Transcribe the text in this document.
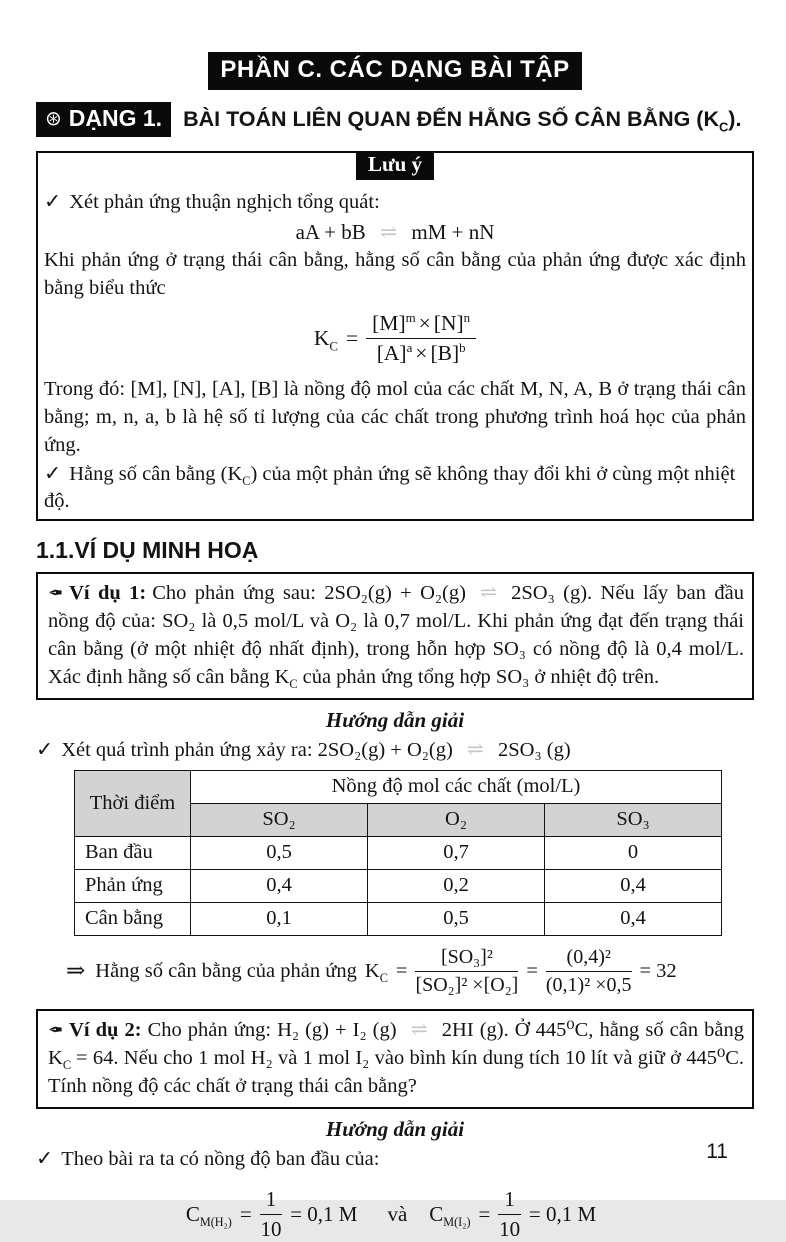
PHẦN C. CÁC DẠNG BÀI TẬP
⊛ DẠNG 1. BÀI TOÁN LIÊN QUAN ĐẾN HẰNG SỐ CÂN BẰNG $(K_C)$.
Lưu ý

✓ Xét phản ứng thuận nghịch tổng quát:

aA + bB ⇌ mM + nN

Khi phản ứng ở trạng thái cân bằng, hằng số cân bằng của phản ứng được xác định bằng biểu thức

$K_C = \frac{[M]^m \times [N]^n}{[A]^a \times [B]^b}$

Trong đó: [M], [N], [A], [B] là nồng độ mol của các chất M, N, A, B ở trạng thái cân bằng; m, n, a, b là hệ số tỉ lượng của các chất trong phương trình hoá học của phản ứng.

✓ Hằng số cân bằng $(K_C)$ của một phản ứng sẽ không thay đổi khi ở cùng một nhiệt độ.

1.1.VÍ DỤ MINH HOẠ
✒ Ví dụ 1: Cho phản ứng sau: 2SO₂(g) + O₂(g) ⇌ 2SO₃ (g). Nếu lấy ban đầu nồng độ của: SO₂ là 0,5 mol/L và O₂ là 0,7 mol/L. Khi phản ứng đạt đến trạng thái cân bằng (ở một nhiệt độ nhất định), trong hỗn hợp SO₃ có nồng độ là 0,4 mol/L. Xác định hằng số cân bằng $K_C$ của phản ứng tổng hợp SO₃ ở nhiệt độ trên.
Hướng dẫn giải

✓ Xét quá trình phản ứng xảy ra: 2SO₂(g) + O₂(g) ⇌ 2SO₃ (g)

Thời điểm	Nồng độ mol các chất (mol/L)		
	SO₂	O₂	SO₃
Ban đầu	0,5	0,7	0
Phản ứng	0,4	0,2	0,4
Cân bằng	0,1	0,5	0,4
⇒ Hằng số cân bằng của phản ứng $K_C = \frac{\text{[SO₃]²}}{\text{[SO₂]² ×[O₂]}} = \frac{\text{(0,4)²}}{\text{(0,1)² ×0,5}} = 32$
✒ Ví dụ 2: Cho phản ứng: H₂ (g) + I₂ (g) ⇌ 2HI (g). Ở 445⁰C, hằng số cân bằng $K_C = 64$. Nếu cho 1 mol H₂ và 1 mol I₂ vào bình kín dung tích 10 lít và giữ ở 445⁰C. Tính nồng độ các chất ở trạng thái cân bằng?
Hướng dẫn giải

✓ Theo bài ra ta có nồng độ ban đầu của:

$C_{M(H_2)} = \frac{1}{10} = 0,1$ M và $C_{M(I_2)} = \frac{1}{10} = 0,1$ M
11
